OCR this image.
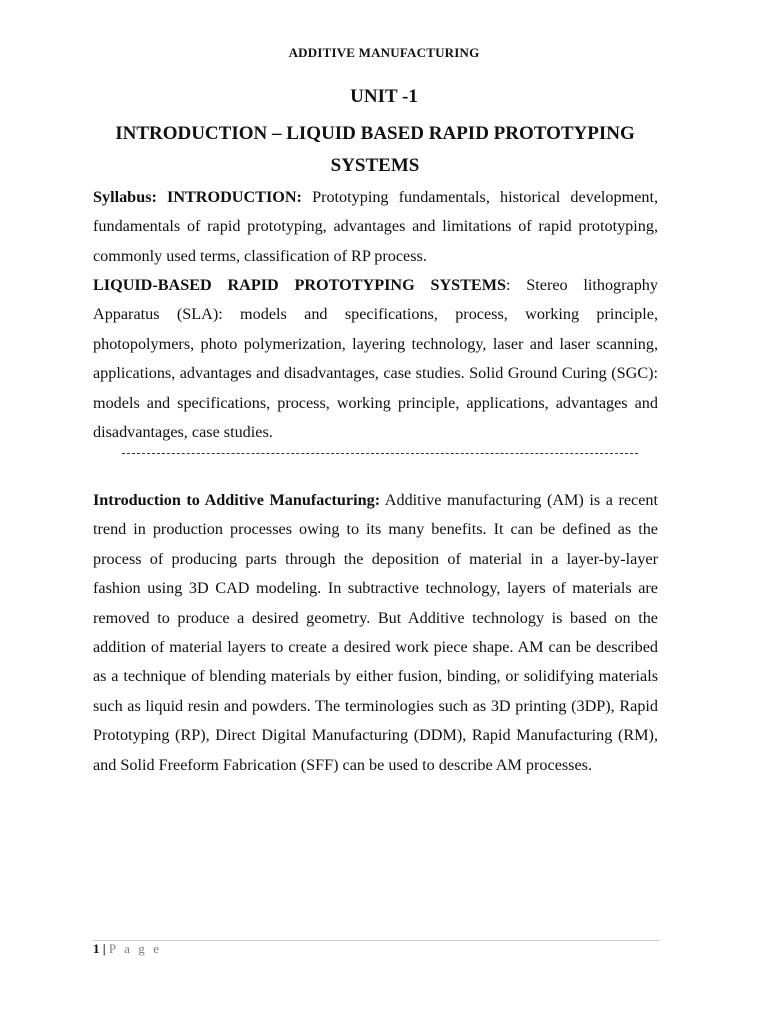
ADDITIVE MANUFACTURING
UNIT -1
INTRODUCTION – LIQUID BASED RAPID PROTOTYPING SYSTEMS
Syllabus: INTRODUCTION: Prototyping fundamentals, historical development, fundamentals of rapid prototyping, advantages and limitations of rapid prototyping, commonly used terms, classification of RP process.
LIQUID-BASED RAPID PROTOTYPING SYSTEMS: Stereo lithography Apparatus (SLA): models and specifications, process, working principle, photopolymers, photo polymerization, layering technology, laser and laser scanning, applications, advantages and disadvantages, case studies. Solid Ground Curing (SGC): models and specifications, process, working principle, applications, advantages and disadvantages, case studies.
Introduction to Additive Manufacturing: Additive manufacturing (AM) is a recent trend in production processes owing to its many benefits. It can be defined as the process of producing parts through the deposition of material in a layer-by-layer fashion using 3D CAD modeling. In subtractive technology, layers of materials are removed to produce a desired geometry. But Additive technology is based on the addition of material layers to create a desired work piece shape. AM can be described as a technique of blending materials by either fusion, binding, or solidifying materials such as liquid resin and powders. The terminologies such as 3D printing (3DP), Rapid Prototyping (RP), Direct Digital Manufacturing (DDM), Rapid Manufacturing (RM), and Solid Freeform Fabrication (SFF) can be used to describe AM processes.
1 | P a g e
